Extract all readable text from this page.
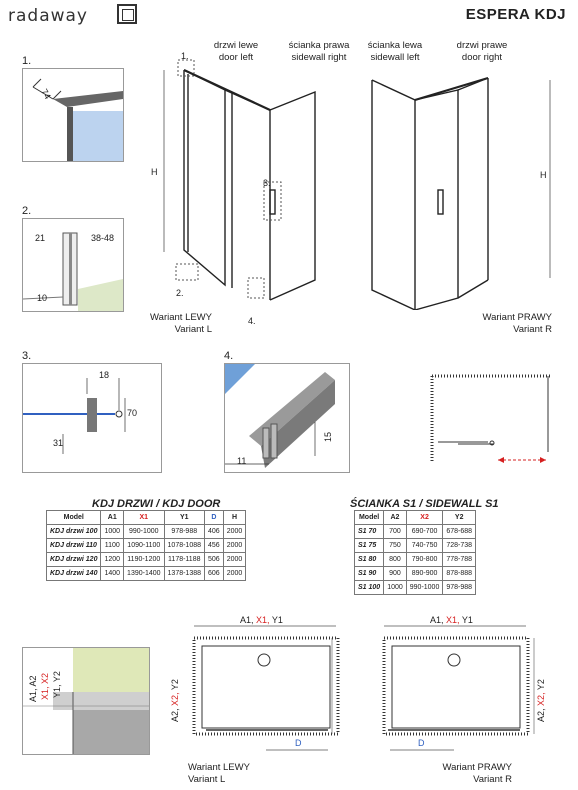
radaway	ESPERA KDJ
1.
74
2.
21	38-48
10
drzwi lewe
door left
ścianka prawa
sidewall right
1.
2.
3.
4.
H
Wariant LEWY
Variant L
ścianka lewa
sidewall left
drzwi prawe
door right
H
Wariant PRAWY
Variant R
3.
18
70
31
4.
11
15
KDJ DRZWI / KDJ DOOR
Model	A1	X1	Y1	D	H
KDJ drzwi 100	1000	990-1000	978-988	406	2000
KDJ drzwi 110	1100	1090-1100	1078-1088	456	2000
KDJ drzwi 120	1200	1190-1200	1178-1188	506	2000
KDJ drzwi 140	1400	1390-1400	1378-1388	606	2000
ŚCIANKA S1 / SIDEWALL S1
Model	A2	X2	Y2
S1 70	700	690-700	678-688
S1 75	750	740-750	728-738
S1 80	800	790-800	778-788
S1 90	900	890-900	878-888
S1 100	1000	990-1000	978-988
A1, A2 X1, X2 Y1, Y2
A1, X1, Y1	A1, X1, Y1
A2, X2, Y2
A2, X2, Y2
D	D
Wariant LEWY
Variant L
Wariant PRAWY
Variant R
